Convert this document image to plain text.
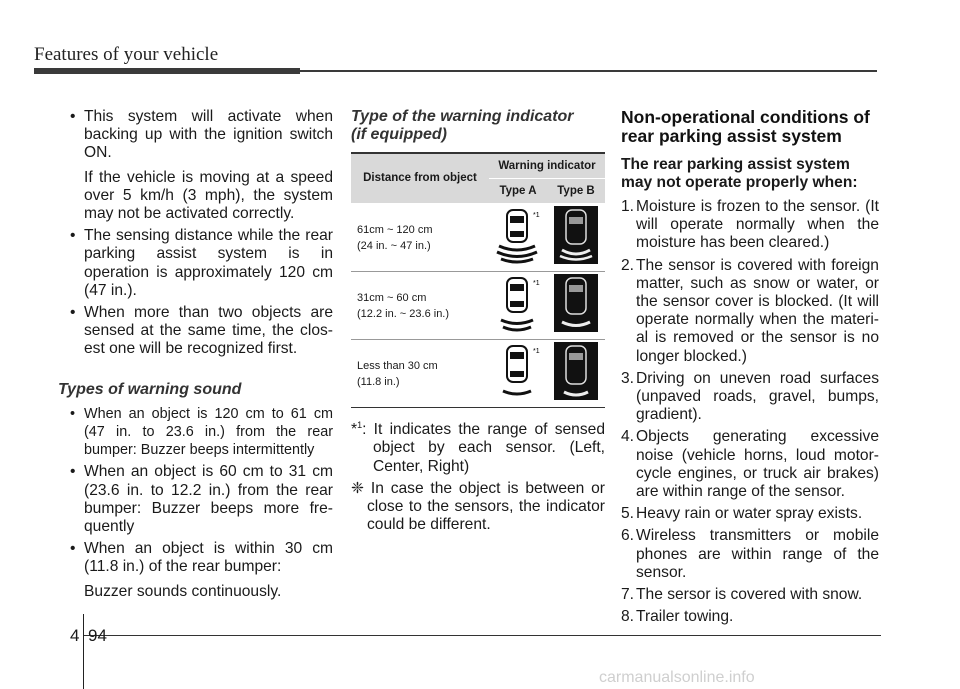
Features of your vehicle

• This system will activate when backing up with the ignition switch ON.

If the vehicle is moving at a speed over 5 km/h (3 mph), the system may not be activated correctly.

• The sensing distance while the rear parking assist system is in operation is approximately 120 cm (47 in.).

• When more than two objects are sensed at the same time, the closest one will be recognized first.

Types of warning sound

• When an object is 120 cm to 61 cm (47 in. to 23.6 in.) from the rear bumper: Buzzer beeps intermittently

• When an object is 60 cm to 31 cm (23.6 in. to 12.2 in.) from the rear bumper: Buzzer beeps more frequently

• When an object is within 30 cm (11.8 in.) of the rear bumper:

Buzzer sounds continuously.

Type of the warning indicator
(if equipped)
Distance from object	Warning indicator	
	Type A	Type B

61cm ~ 120 cm
(24 in. ~ 47 in.)	*1

31cm ~ 60 cm
(12.2 in. ~ 23.6 in.)	*1

Less than 30 cm
(11.8 in.)	*1

*$^1$: It indicates the range of sensed object by each sensor. (Left, Center, Right)

❈ In case the object is between or close to the sensors, the indicator could be different.

Non-operational conditions of
rear parking assist system

The rear parking assist system may not operate properly when:

1. Moisture is frozen to the sensor. (It will operate normally when the moisture has been cleared.)

2. The sensor is covered with foreign matter, such as snow or water, or the sensor cover is blocked. (It will operate normally when the material is removed or the sensor is no longer blocked.)

3. Driving on uneven road surfaces (unpaved roads, gravel, bumps, gradient).

4. Objects generating excessive noise (vehicle horns, loud motorcycle engines, or truck air brakes) are within range of the sensor.

5. Heavy rain or water spray exists.

6. Wireless transmitters or mobile phones are within range of the sensor.

7. The sersor is covered with snow.

8. Trailer towing.

4 94
carmanualsonline.info
